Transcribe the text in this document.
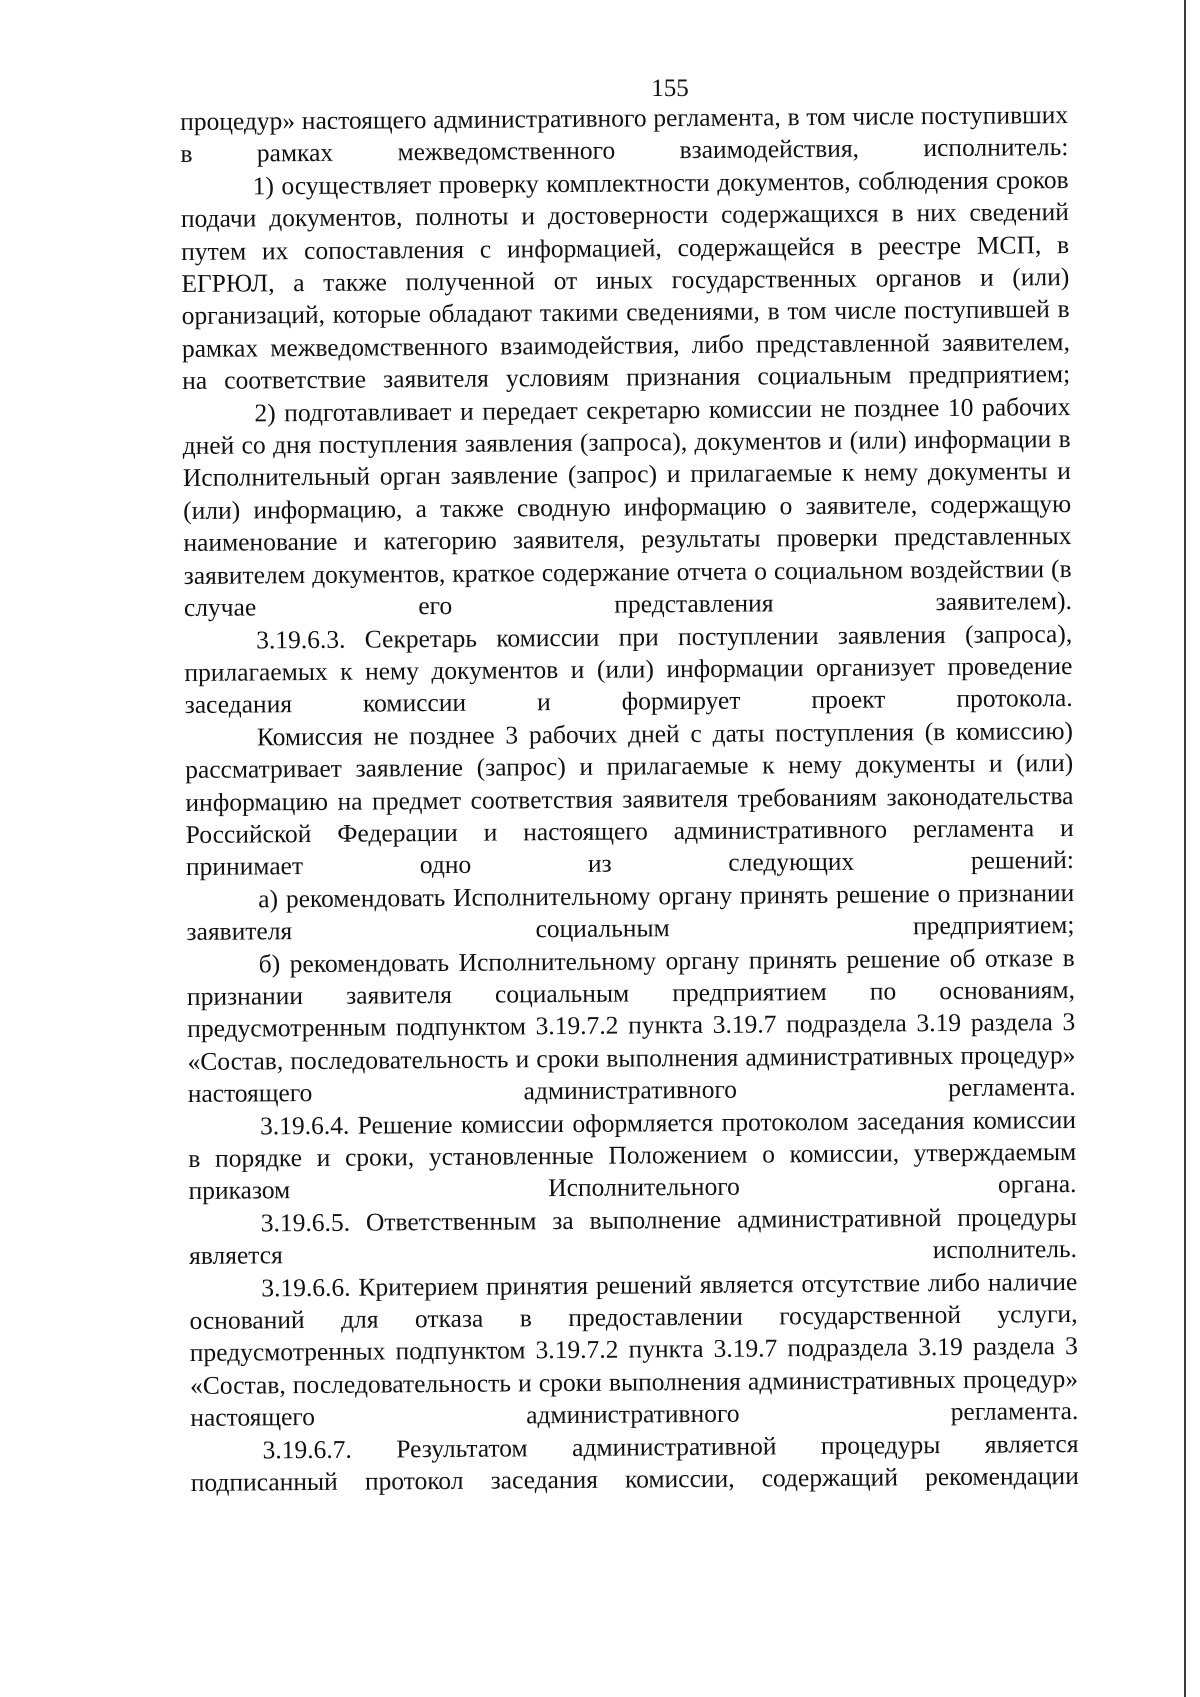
155

процедур» настоящего административного регламента, в том числе поступивших в рамках межведомственного взаимодействия, исполнитель:

1) осуществляет проверку комплектности документов, соблюдения сроков подачи документов, полноты и достоверности содержащихся в них сведений путем их сопоставления с информацией, содержащейся в реестре МСП, в ЕГРЮЛ, а также полученной от иных государственных органов и (или) организаций, которые обладают такими сведениями, в том числе поступившей в рамках межведомственного взаимодействия, либо представленной заявителем, на соответствие заявителя условиям признания социальным предприятием;

2) подготавливает и передает секретарю комиссии не позднее 10 рабочих дней со дня поступления заявления (запроса), документов и (или) информации в Исполнительный орган заявление (запрос) и прилагаемые к нему документы и (или) информацию, а также сводную информацию о заявителе, содержащую наименование и категорию заявителя, результаты проверки представленных заявителем документов, краткое содержание отчета о социальном воздействии (в случае его представления заявителем).

3.19.6.3. Секретарь комиссии при поступлении заявления (запроса), прилагаемых к нему документов и (или) информации организует проведение заседания комиссии и формирует проект протокола.

Комиссия не позднее 3 рабочих дней с даты поступления (в комиссию) рассматривает заявление (запрос) и прилагаемые к нему документы и (или) информацию на предмет соответствия заявителя требованиям законодательства Российской Федерации и настоящего административного регламента и принимает одно из следующих решений:

а) рекомендовать Исполнительному органу принять решение о признании заявителя социальным предприятием;

б) рекомендовать Исполнительному органу принять решение об отказе в признании заявителя социальным предприятием по основаниям, предусмотренным подпунктом 3.19.7.2 пункта 3.19.7 подраздела 3.19 раздела 3 «Состав, последовательность и сроки выполнения административных процедур» настоящего административного регламента.

3.19.6.4. Решение комиссии оформляется протоколом заседания комиссии в порядке и сроки, установленные Положением о комиссии, утверждаемым приказом Исполнительного органа.

3.19.6.5. Ответственным за выполнение административной процедуры является исполнитель.

3.19.6.6. Критерием принятия решений является отсутствие либо наличие оснований для отказа в предоставлении государственной услуги, предусмотренных подпунктом 3.19.7.2 пункта 3.19.7 подраздела 3.19 раздела 3 «Состав, последовательность и сроки выполнения административных процедур» настоящего административного регламента.

3.19.6.7. Результатом административной процедуры является подписанный протокол заседания комиссии, содержащий рекомендации
